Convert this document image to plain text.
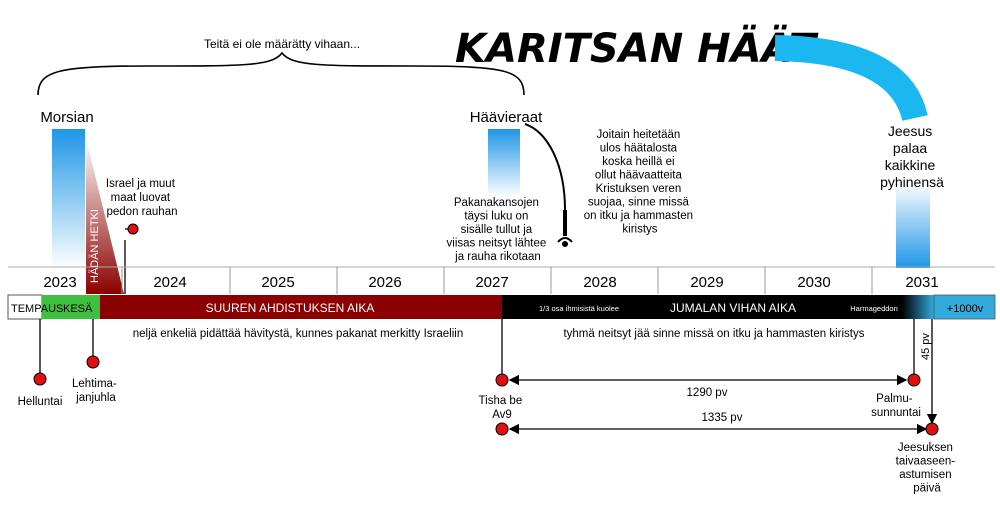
KARITSAN HÄÄT
Teitä ei ole määrätty vihaan...
Morsian	Häävieraat
HÄDÄN HETKI
Jeesus palaa kaikkine pyhinensä
Israel ja muut maat luovat pedon rauhan
Pakanakansojen täysi luku on sisälle tullut ja viisas neitsyt lähtee ja rauha rikotaan
Joitain heitetään ulos häätalosta koska heillä ei ollut häävaatteita Kristuksen veren suojaa, sinne missä on itku ja hammasten kiristys
2023	2024	2025	2026	2027	2028	2029	2030	2031
TEMPAUS KESÄ	SUUREN AHDISTUKSEN AIKA	1/3 osa ihmisistä kuolee	JUMALAN VIHAN AIKA	Harmageddon	+1000v
neljä enkeliä pidättää hävitystä, kunnes pakanat merkitty Israeliin	tyhmä neitsyt jää sinne missä on itku ja hammasten kiristys
Helluntai
Lehtima- janjuhla	Tisha be Av9
1290 pv
1335 pv
Palmu- sunnuntai
45 pv
Jeesuksen taivaaseen- astumisen päivä
